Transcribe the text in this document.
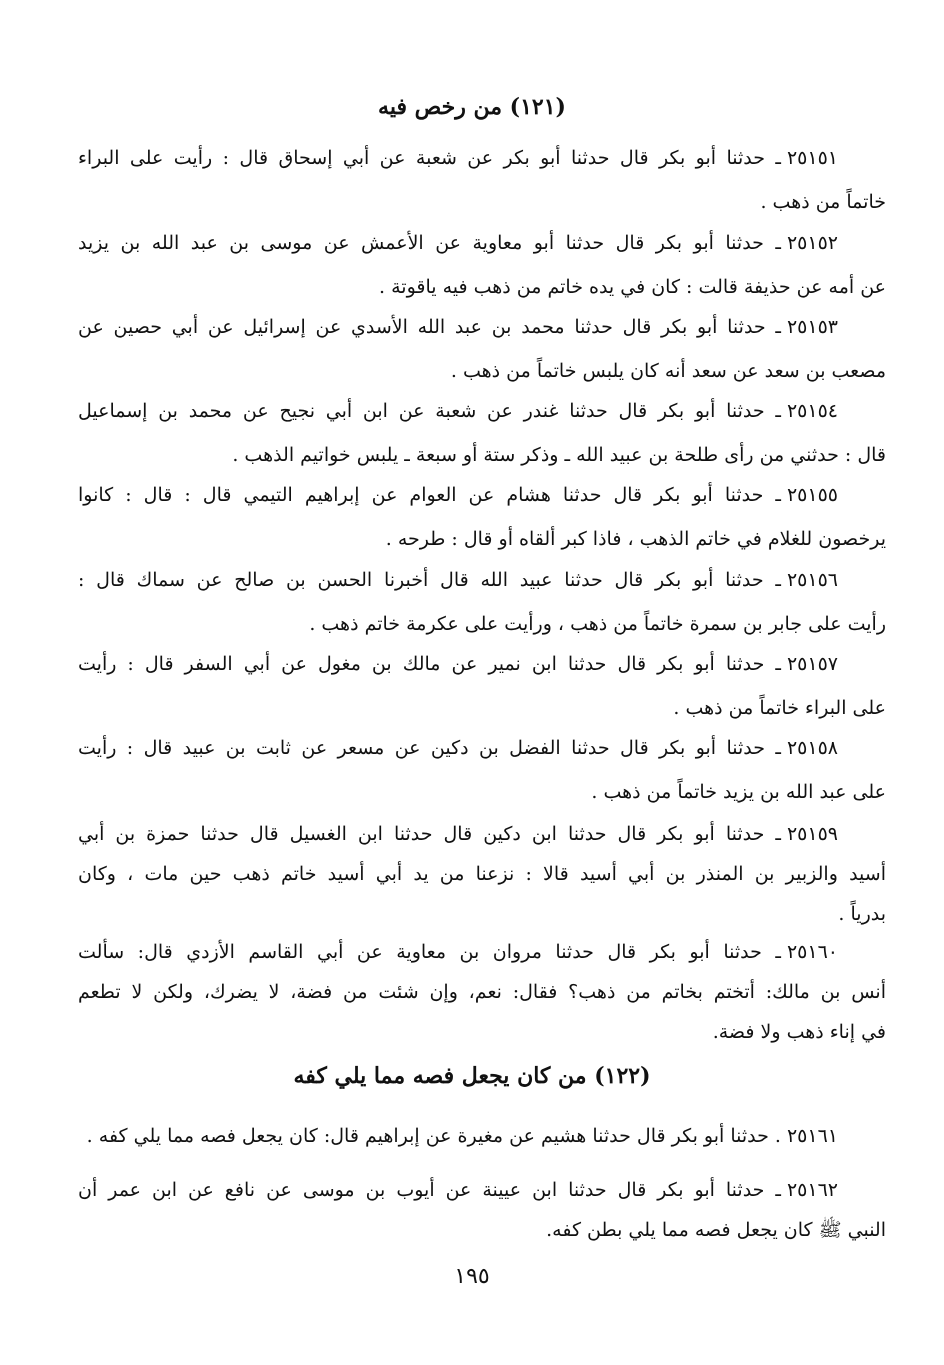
(١٢١) من رخص فيه
٢٥١٥١ـ حدثنا أبو بكر قال حدثنا أبو بكر عن شعبة عن أبي إسحاق قال : رأيت على البراء
خاتماً من ذهب .
٢٥١٥٢ـ حدثنا أبو بكر قال حدثنا أبو معاوية عن الأعمش عن موسى بن عبد الله بن يزيد
عن أمه عن حذيفة قالت : كان في يده خاتم من ذهب فيه ياقوتة .
٢٥١٥٣ـ حدثنا أبو بكر قال حدثنا محمد بن عبد الله الأسدي عن إسرائيل عن أبي حصين عن
مصعب بن سعد عن سعد أنه كان يلبس خاتماً من ذهب .
٢٥١٥٤ـ حدثنا أبو بكر قال حدثنا غندر عن شعبة عن ابن أبي نجيح عن محمد بن إسماعيل
قال : حدثني من رأى طلحة بن عبيد الله ـ وذكر ستة أو سبعة ـ يلبس خواتيم الذهب .
٢٥١٥٥ـ حدثنا أبو بكر قال حدثنا هشام عن العوام عن إبراهيم التيمي قال : قال : كانوا
يرخصون للغلام في خاتم الذهب ، فاذا كبر ألقاه أو قال : طرحه .
٢٥١٥٦ـ حدثنا أبو بكر قال حدثنا عبيد الله قال أخبرنا الحسن بن صالح عن سماك قال :
رأيت على جابر بن سمرة خاتماً من ذهب ، ورأيت على عكرمة خاتم ذهب .
٢٥١٥٧ـ حدثنا أبو بكر قال حدثنا ابن نمير عن مالك بن مغول عن أبي السفر قال : رأيت
على البراء خاتماً من ذهب .
٢٥١٥٨ـ حدثنا أبو بكر قال حدثنا الفضل بن دكين عن مسعر عن ثابت بن عبيد قال : رأيت
على عبد الله بن يزيد خاتماً من ذهب .
٢٥١٥٩ـ حدثنا أبو بكر قال حدثنا ابن دكين قال حدثنا ابن الغسيل قال حدثنا حمزة بن أبي
أسيد والزبير بن المنذر بن أبي أسيد قالا : نزعنا من يد أبي أسيد خاتم ذهب حين مات ، وكان
بدرياً .
٢٥١٦٠ـ حدثنا أبو بكر قال حدثنا مروان بن معاوية عن أبي القاسم الأزدي قال: سألت
أنس بن مالك: أتختم بخاتم من ذهب؟ فقال: نعم، وإن شئت من فضة، لا يضرك، ولكن لا تطعم
في إناء ذهب ولا فضة.
(١٢٢) من كان يجعل فصه مما يلي كفه
٢٥١٦١. حدثنا أبو بكر قال حدثنا هشيم عن مغيرة عن إبراهيم قال: كان يجعل فصه مما يلي كفه .
٢٥١٦٢ـ حدثنا أبو بكر قال حدثنا ابن عيينة عن أيوب بن موسى عن نافع عن ابن عمر أن
النبي ﷺ كان يجعل فصه مما يلي بطن كفه.
١٩٥
